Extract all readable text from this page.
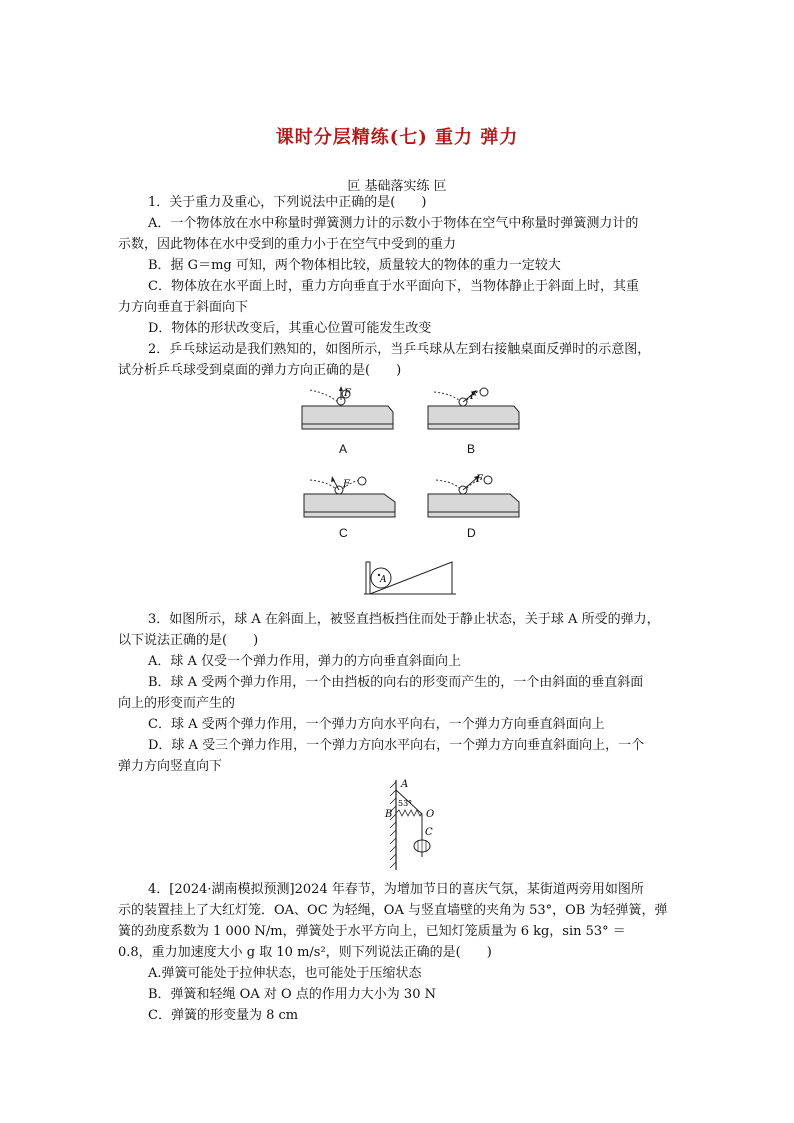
课时分层精练(七) 重力 弹力
叵 基础落实练 叵
1．关于重力及重心，下列说法中正确的是(　　)
A．一个物体放在水中称量时弹簧测力计的示数小于物体在空气中称量时弹簧测力计的
示数，因此物体在水中受到的重力小于在空气中受到的重力
B．据 G＝mg 可知，两个物体相比较，质量较大的物体的重力一定较大
C．物体放在水平面上时，重力方向垂直于水平面向下，当物体静止于斜面上时，其重
力方向垂直于斜面向下
D．物体的形状改变后，其重心位置可能发生改变
2．乒乓球运动是我们熟知的，如图所示，当乒乓球从左到右接触桌面反弹时的示意图，
试分析乒乓球受到桌面的弹力方向正确的是(　　)
F
A
F
B
F
C
F
D
A
3．如图所示，球 A 在斜面上，被竖直挡板挡住而处于静止状态，关于球 A 所受的弹力，
以下说法正确的是(　　)
A．球 A 仅受一个弹力作用，弹力的方向垂直斜面向上
B．球 A 受两个弹力作用，一个由挡板的向右的形变而产生的，一个由斜面的垂直斜面
向上的形变而产生的
C．球 A 受两个弹力作用，一个弹力方向水平向右，一个弹力方向垂直斜面向上
D．球 A 受三个弹力作用，一个弹力方向水平向右，一个弹力方向垂直斜面向上，一个
弹力方向竖直向下
A
53°
B	O
C
4．[2024·湖南模拟预测]2024 年春节，为增加节日的喜庆气氛，某街道两旁用如图所
示的装置挂上了大红灯笼．OA、OC 为轻绳，OA 与竖直墙壁的夹角为 53°，OB 为轻弹簧，弹
簧的劲度系数为 1 000 N/m，弹簧处于水平方向上，已知灯笼质量为 6 kg，sin 53° ＝
0.8，重力加速度大小 g 取 10 m/s²，则下列说法正确的是(　　)
A.弹簧可能处于拉伸状态，也可能处于压缩状态
B．弹簧和轻绳 OA 对 O 点的作用力大小为 30 N
C．弹簧的形变量为 8 cm
